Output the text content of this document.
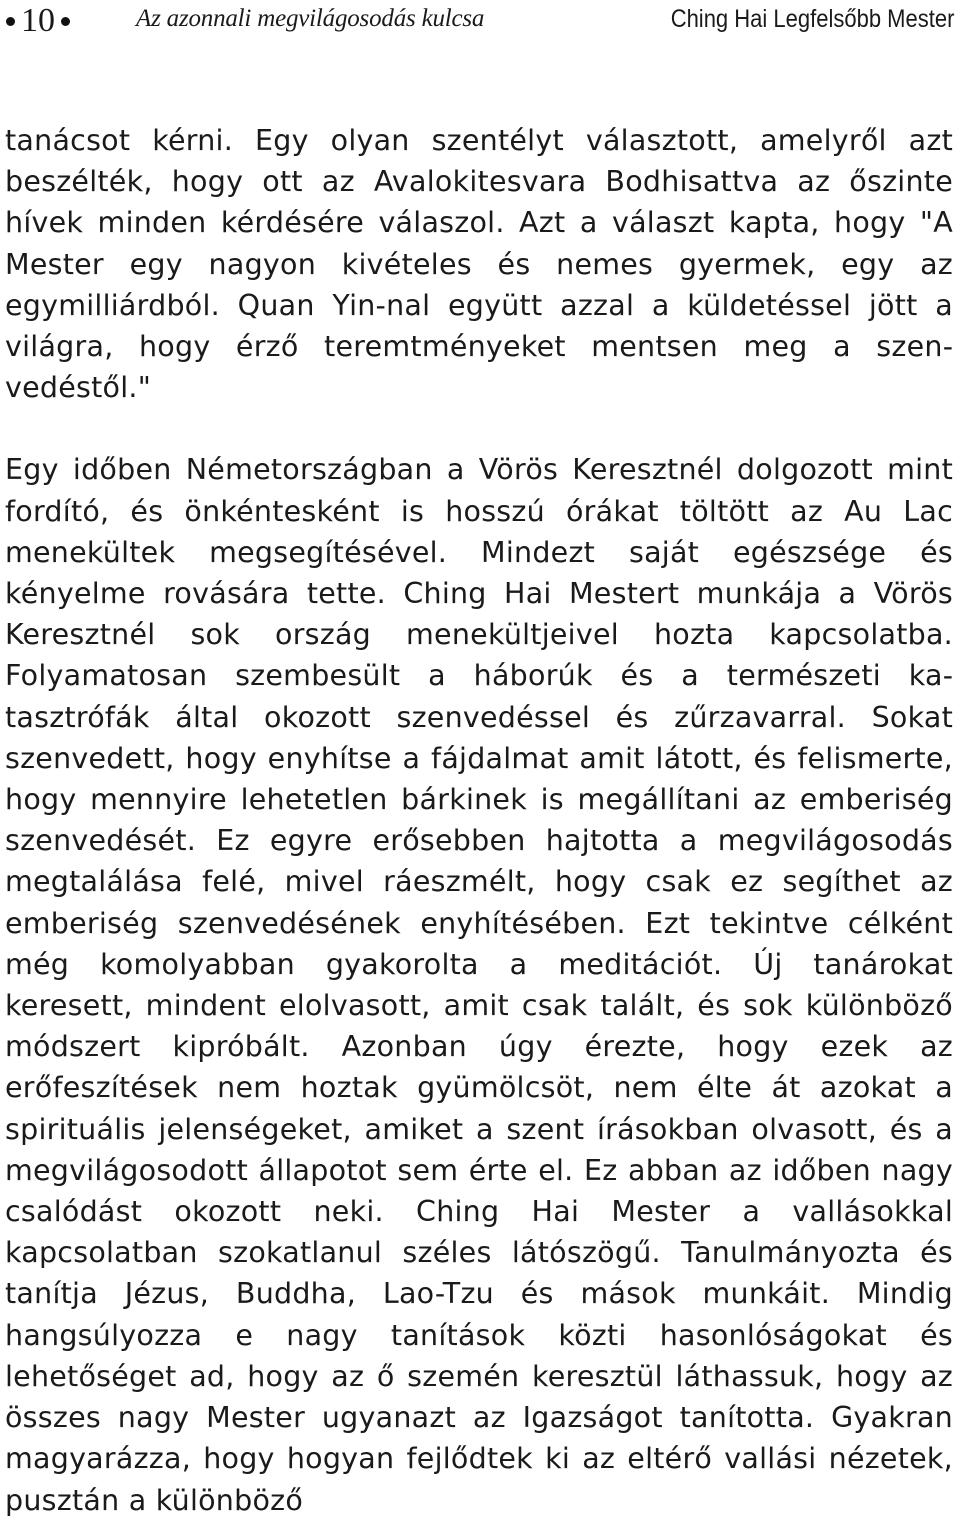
10	Az azonnali megvilágosodás kulcsa	Ching Hai Legfelsőbb Mester

tanácsot kérni. Egy olyan szentélyt választott, amelyről azt beszélték, hogy ott az Avalokitesvara Bodhisattva az őszinte hívek minden kérdésére válaszol. Azt a választ kapta, hogy "A Mester egy nagyon kivételes és nemes gyermek, egy az egymilliárdból. Quan Yin-nal együtt azzal a küldetéssel jött a világra, hogy érző teremtményeket mentsen meg a szenvedéstől."

Egy időben Németországban a Vörös Keresztnél dolgozott mint fordító, és önkéntesként is hosszú órákat töltött az Au Lac menekültek megsegítésével. Mindezt saját egészsége és kényelme rovására tette. Ching Hai Mestert munkája a Vörös Keresztnél sok ország menekültjeivel hozta kapcsolatba. Folyamatosan szembesült a háborúk és a természeti katasztrófák által okozott szenvedéssel és zűrzavarral. Sokat szenvedett, hogy enyhítse a fájdalmat amit látott, és felismerte, hogy mennyire lehetetlen bárkinek is megállítani az emberiség szenvedését. Ez egyre erősebben hajtotta a megvilágosodás megtalálása felé, mivel ráeszmélt, hogy csak ez segíthet az emberiség szenvedésének enyhítésében. Ezt tekintve célként még komolyabban gyakorolta a meditációt. Új tanárokat keresett, mindent elolvasott, amit csak talált, és sok különböző módszert kipróbált. Azonban úgy érezte, hogy ezek az erőfeszítések nem hoztak gyümölcsöt, nem élte át azokat a spirituális jelenségeket, amiket a szent írásokban olvasott, és a megvilágosodott állapotot sem érte el. Ez abban az időben nagy csalódást okozott neki. Ching Hai Mester a vallásokkal kapcsolatban szokatlanul széles látószögű. Tanulmányozta és tanítja Jézus, Buddha, Lao-Tzu és mások munkáit. Mindig hangsúlyozza e nagy tanítások közti hasonlóságokat és lehetőséget ad, hogy az ő szemén keresztül láthassuk, hogy az összes nagy Mester ugyanazt az Igazságot tanította. Gyakran magyarázza, hogy hogyan fejlődtek ki az eltérő vallási nézetek, pusztán a különböző
